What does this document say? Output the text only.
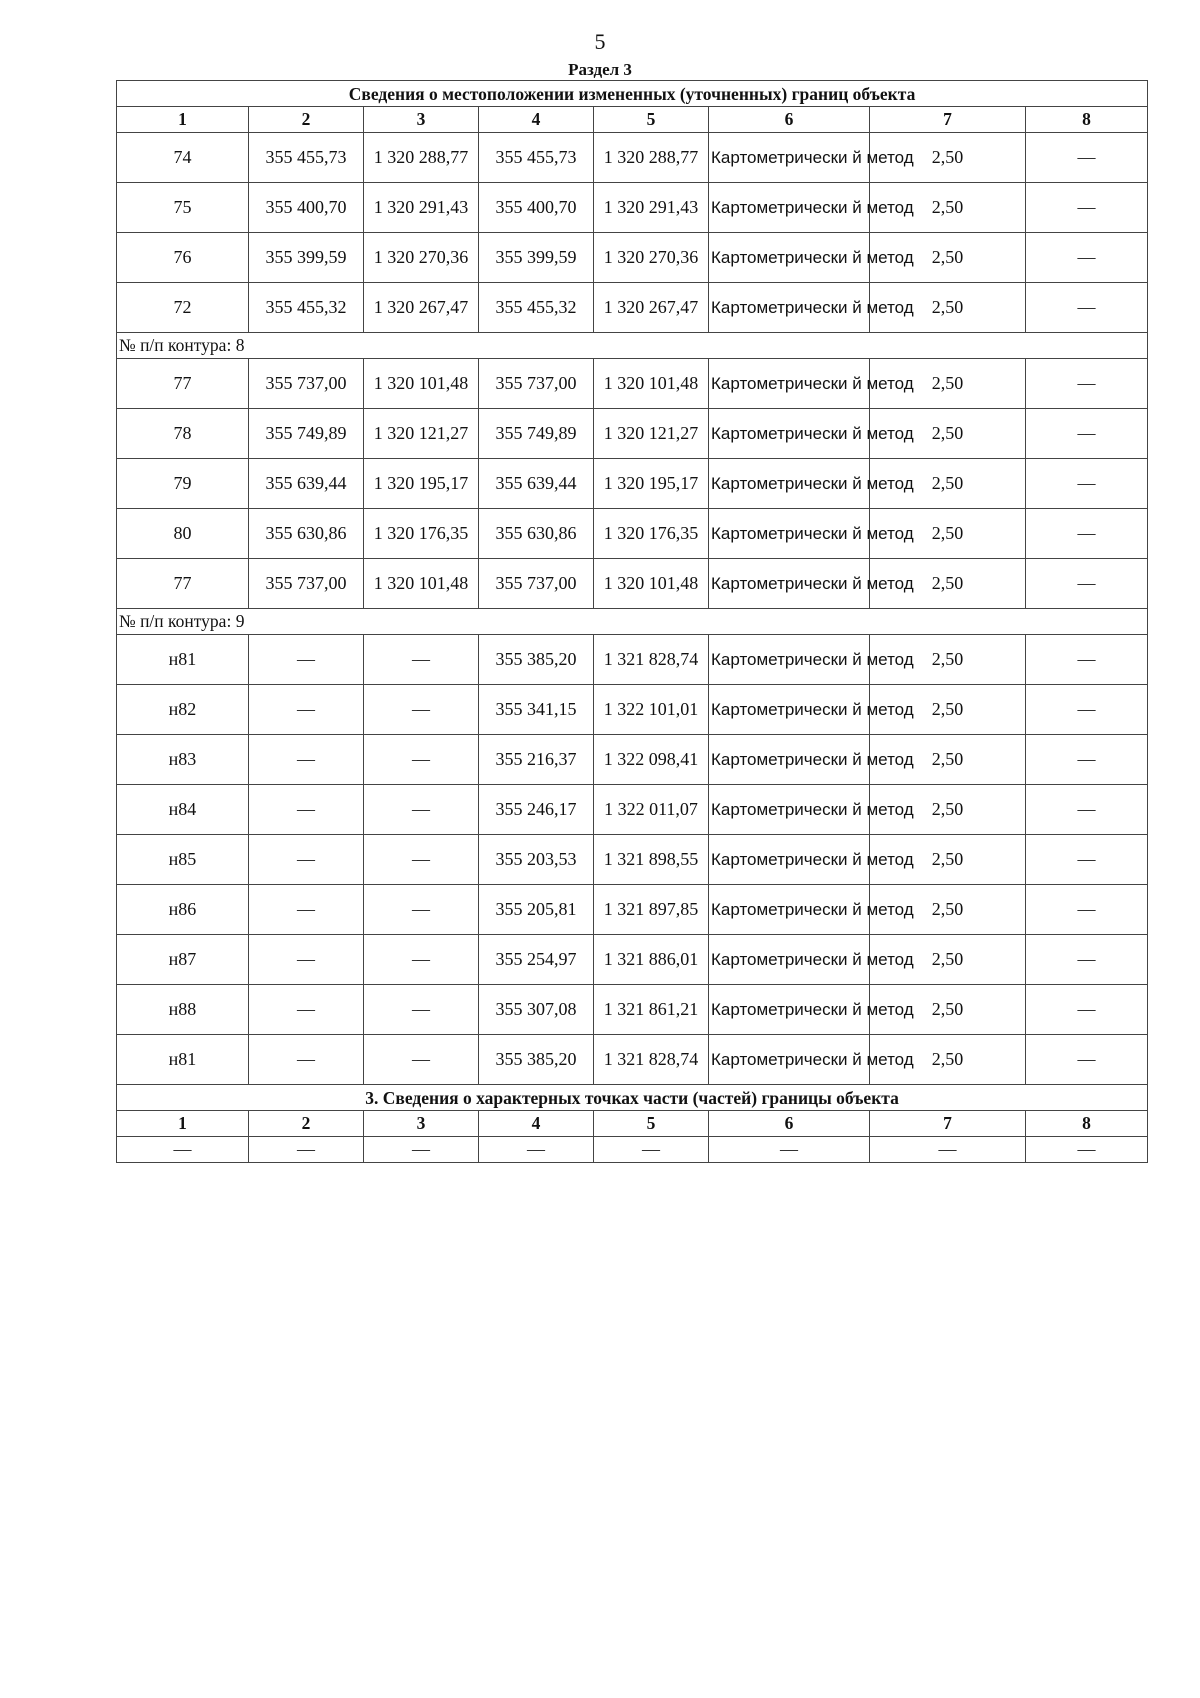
5
Раздел 3
Сведения о местоположении измененных (уточненных) границ объекта							
1	2	3	4	5	6	7	8
74	355 455,73	1 320 288,77	355 455,73	1 320 288,77	Картометрически й метод	2,50	—
75	355 400,70	1 320 291,43	355 400,70	1 320 291,43	Картометрически й метод	2,50	—
76	355 399,59	1 320 270,36	355 399,59	1 320 270,36	Картометрически й метод	2,50	—
72	355 455,32	1 320 267,47	355 455,32	1 320 267,47	Картометрически й метод	2,50	—
№ п/п контура: 8							
77	355 737,00	1 320 101,48	355 737,00	1 320 101,48	Картометрически й метод	2,50	—
78	355 749,89	1 320 121,27	355 749,89	1 320 121,27	Картометрически й метод	2,50	—
79	355 639,44	1 320 195,17	355 639,44	1 320 195,17	Картометрически й метод	2,50	—
80	355 630,86	1 320 176,35	355 630,86	1 320 176,35	Картометрически й метод	2,50	—
77	355 737,00	1 320 101,48	355 737,00	1 320 101,48	Картометрически й метод	2,50	—
№ п/п контура: 9							
н81	—	—	355 385,20	1 321 828,74	Картометрически й метод	2,50	—
н82	—	—	355 341,15	1 322 101,01	Картометрически й метод	2,50	—
н83	—	—	355 216,37	1 322 098,41	Картометрически й метод	2,50	—
н84	—	—	355 246,17	1 322 011,07	Картометрически й метод	2,50	—
н85	—	—	355 203,53	1 321 898,55	Картометрически й метод	2,50	—
н86	—	—	355 205,81	1 321 897,85	Картометрически й метод	2,50	—
н87	—	—	355 254,97	1 321 886,01	Картометрически й метод	2,50	—
н88	—	—	355 307,08	1 321 861,21	Картометрически й метод	2,50	—
н81	—	—	355 385,20	1 321 828,74	Картометрически й метод	2,50	—
3. Сведения о характерных точках части (частей) границы объекта							
1	2	3	4	5	6	7	8
—	—	—	—	—	—	—	—
